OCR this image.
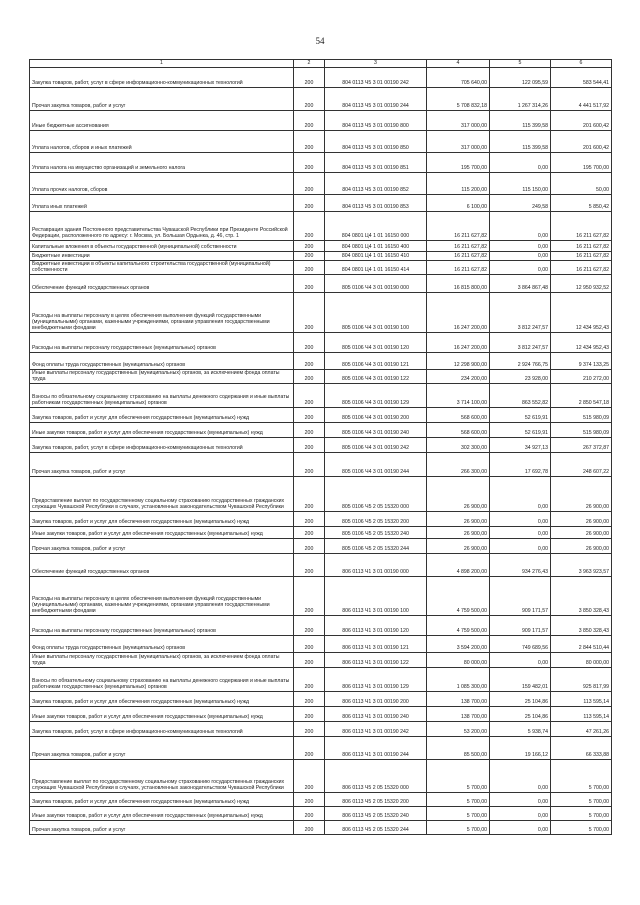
54
1	2	3	4	5	6
Закупка товаров, работ, услуг в сфере информационно-коммуникационных технологий	200	804 0113 Ч5 3 01 00190 242	705 640,00	122 095,59	583 544,41
Прочая закупка товаров, работ и услуг	200	804 0113 Ч5 3 01 00190 244	5 708 832,18	1 267 314,26	4 441 517,92
Иные бюджетные ассигнования	200	804 0113 Ч5 3 01 00190 800	317 000,00	115 399,58	201 600,42
Уплата налогов, сборов и иных платежей	200	804 0113 Ч5 3 01 00190 850	317 000,00	115 399,58	201 600,42
Уплата налога на имущество организаций и земельного налога	200	804 0113 Ч5 3 01 00190 851	195 700,00	0,00	195 700,00
Уплата прочих налогов, сборов	200	804 0113 Ч5 3 01 00190 852	115 200,00	115 150,00	50,00
Уплата иных платежей	200	804 0113 Ч5 3 01 00190 853	6 100,00	249,58	5 850,42
Реставрация здания Постоянного представительства Чувашской Республики при Президенте Российской Федерации, расположенного по адресу: г. Москва, ул. Большая Ордынка, д. 46, стр. 1	200	804 0801 Ц4 1 01 16150 000	16 211 627,82	0,00	16 211 627,82
Капитальные вложения в объекты государственной (муниципальной) собственности	200	804 0801 Ц4 1 01 16150 400	16 211 627,82	0,00	16 211 627,82
Бюджетные инвестиции	200	804 0801 Ц4 1 01 16150 410	16 211 627,82	0,00	16 211 627,82
Бюджетные инвестиции в объекты капитального строительства государственной (муниципальной) собственности	200	804 0801 Ц4 1 01 16150 414	16 211 627,82	0,00	16 211 627,82
Обеспечение функций государственных органов	200	805 0106 Ч4 3 01 00190 000	16 815 800,00	3 864 867,48	12 950 932,52
Расходы на выплаты персоналу в целях обеспечения выполнения функций государственными (муниципальными) органами, казенными учреждениями, органами управления государственными внебюджетными фондами	200	805 0106 Ч4 3 01 00190 100	16 247 200,00	3 812 247,57	12 434 952,43
Расходы на выплаты персоналу государственных (муниципальных) органов	200	805 0106 Ч4 3 01 00190 120	16 247 200,00	3 812 247,57	12 434 952,43
Фонд оплаты труда государственных (муниципальных) органов	200	805 0106 Ч4 3 01 00190 121	12 298 900,00	2 924 766,75	9 374 133,25
Иные выплаты персоналу государственных (муниципальных) органов, за исключением фонда оплаты труда	200	805 0106 Ч4 3 01 00190 122	234 200,00	23 928,00	210 272,00
Взносы по обязательному социальному страхованию на выплаты денежного содержания и иные выплаты работникам государственных (муниципальных) органов	200	805 0106 Ч4 3 01 00190 129	3 714 100,00	863 552,82	2 850 547,18
Закупка товаров, работ и услуг для обеспечения государственных (муниципальных) нужд	200	805 0106 Ч4 3 01 00190 200	568 600,00	52 619,91	515 980,09
Иные закупки товаров, работ и услуг для обеспечения государственных (муниципальных) нужд	200	805 0106 Ч4 3 01 00190 240	568 600,00	52 619,91	515 980,09
Закупка товаров, работ, услуг в сфере информационно-коммуникационных технологий	200	805 0106 Ч4 3 01 00190 242	302 300,00	34 927,13	267 372,87
Прочая закупка товаров, работ и услуг	200	805 0106 Ч4 3 01 00190 244	266 300,00	17 692,78	248 607,22
Предоставление выплат по государственному социальному страхованию государственных гражданских служащих Чувашской Республики в случаях, установленных законодательством Чувашской Республики	200	805 0106 Ч5 2 05 15320 000	26 900,00	0,00	26 900,00
Закупка товаров, работ и услуг для обеспечения государственных (муниципальных) нужд	200	805 0106 Ч5 2 05 15320 200	26 900,00	0,00	26 900,00
Иные закупки товаров, работ и услуг для обеспечения государственных (муниципальных) нужд	200	805 0106 Ч5 2 05 15320 240	26 900,00	0,00	26 900,00
Прочая закупка товаров, работ и услуг	200	805 0106 Ч5 2 05 15320 244	26 900,00	0,00	26 900,00
Обеспечение функций государственных органов	200	806 0113 Ч1 3 01 00190 000	4 898 200,00	934 276,43	3 963 923,57
Расходы на выплаты персоналу в целях обеспечения выполнения функций государственными (муниципальными) органами, казенными учреждениями, органами управления государственными внебюджетными фондами	200	806 0113 Ч1 3 01 00190 100	4 759 500,00	909 171,57	3 850 328,43
Расходы на выплаты персоналу государственных (муниципальных) органов	200	806 0113 Ч1 3 01 00190 120	4 759 500,00	909 171,57	3 850 328,43
Фонд оплаты труда государственных (муниципальных) органов	200	806 0113 Ч1 3 01 00190 121	3 594 200,00	749 689,56	2 844 510,44
Иные выплаты персоналу государственных (муниципальных) органов, за исключением фонда оплаты труда	200	806 0113 Ч1 3 01 00190 122	80 000,00	0,00	80 000,00
Взносы по обязательному социальному страхованию на выплаты денежного содержания и иные выплаты работникам государственных (муниципальных) органов	200	806 0113 Ч1 3 01 00190 129	1 085 300,00	159 482,01	925 817,99
Закупка товаров, работ и услуг для обеспечения государственных (муниципальных) нужд	200	806 0113 Ч1 3 01 00190 200	138 700,00	25 104,86	113 595,14
Иные закупки товаров, работ и услуг для обеспечения государственных (муниципальных) нужд	200	806 0113 Ч1 3 01 00190 240	138 700,00	25 104,86	113 595,14
Закупка товаров, работ, услуг в сфере информационно-коммуникационных технологий	200	806 0113 Ч1 3 01 00190 242	53 200,00	5 938,74	47 261,26
Прочая закупка товаров, работ и услуг	200	806 0113 Ч1 3 01 00190 244	85 500,00	19 166,12	66 333,88
Предоставление выплат по государственному социальному страхованию государственных гражданских служащих Чувашской Республики в случаях, установленных законодательством Чувашской Республики	200	806 0113 Ч5 2 05 15320 000	5 700,00	0,00	5 700,00
Закупка товаров, работ и услуг для обеспечения государственных (муниципальных) нужд	200	806 0113 Ч5 2 05 15320 200	5 700,00	0,00	5 700,00
Иные закупки товаров, работ и услуг для обеспечения государственных (муниципальных) нужд	200	806 0113 Ч5 2 05 15320 240	5 700,00	0,00	5 700,00
Прочая закупка товаров, работ и услуг	200	806 0113 Ч5 2 05 15320 244	5 700,00	0,00	5 700,00
